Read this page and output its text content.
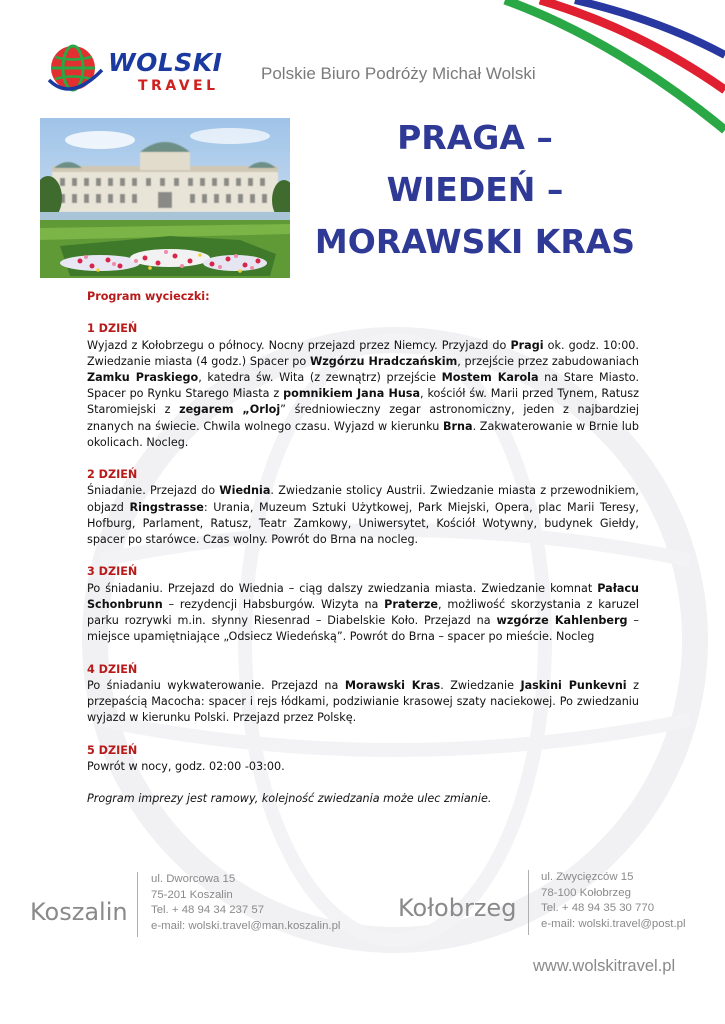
WOLSKI
TRAVEL
Polskie Biuro Podróży Michał Wolski
PRAGA –
WIEDEŃ –
MORAWSKI KRAS

Program wycieczki:

1 DZIEŃ

Wyjazd z Kołobrzegu o północy. Nocny przejazd przez Niemcy. Przyjazd do Pragi ok. godz. 10:00. Zwiedzanie miasta (4 godz.) Spacer po Wzgórzu Hradczańskim, przejście przez zabudowaniach Zamku Praskiego, katedra św. Wita (z zewnątrz) przejście Mostem Karola na Stare Miasto. Spacer po Rynku Starego Miasta z pomnikiem Jana Husa, kościół św. Marii przed Tynem, Ratusz Staromiejski z zegarem „Orloj” średniowieczny zegar astronomiczny, jeden z najbardziej znanych na świecie. Chwila wolnego czasu. Wyjazd w kierunku Brna. Zakwaterowanie w Brnie lub okolicach. Nocleg.

2 DZIEŃ

Śniadanie. Przejazd do Wiednia. Zwiedzanie stolicy Austrii. Zwiedzanie miasta z przewodnikiem, objazd Ringstrasse: Urania, Muzeum Sztuki Użytkowej, Park Miejski, Opera, plac Marii Teresy, Hofburg, Parlament, Ratusz, Teatr Zamkowy, Uniwersytet, Kościół Wotywny, budynek Giełdy, spacer po starówce. Czas wolny. Powrót do Brna na nocleg.

3 DZIEŃ

Po śniadaniu. Przejazd do Wiednia – ciąg dalszy zwiedzania miasta. Zwiedzanie komnat Pałacu Schonbrunn – rezydencji Habsburgów. Wizyta na Praterze, możliwość skorzystania z karuzel parku rozrywki m.in. słynny Riesenrad – Diabelskie Koło. Przejazd na wzgórze Kahlenberg – miejsce upamiętniające „Odsiecz Wiedeńską”. Powrót do Brna – spacer po mieście. Nocleg

4 DZIEŃ

Po śniadaniu wykwaterowanie. Przejazd na Morawski Kras. Zwiedzanie Jaskini Punkevni z przepaścią Macocha: spacer i rejs łódkami, podziwianie krasowej szaty naciekowej. Po zwiedzaniu wyjazd w kierunku Polski. Przejazd przez Polskę.

5 DZIEŃ

Powrót w nocy, godz. 02:00 -03:00.

Program imprezy jest ramowy, kolejność zwiedzania może ulec zmianie.

Koszalin
ul. Dworcowa 15
75-201 Koszalin
Tel. + 48 94 34 237 57
e-mail: wolski.travel@man.koszalin.pl
Kołobrzeg
ul. Zwycięzców 15
78-100 Kołobrzeg
Tel. + 48 94 35 30 770
e-mail: wolski.travel@post.pl
www.wolskitravel.pl
